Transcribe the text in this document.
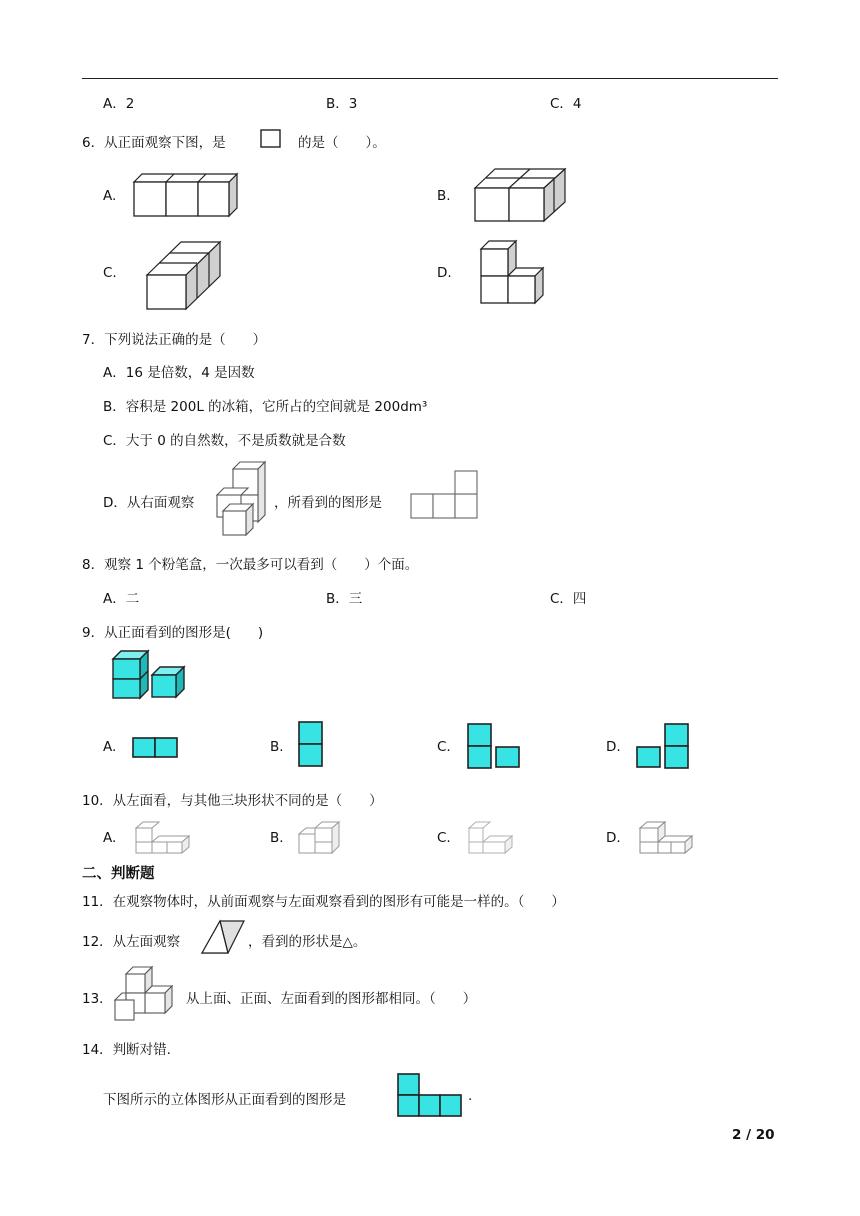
A．2	B．3	C．4
6．从正面观察下图，是	的是（　　）。
A.	B.
C.	D.
7．下列说法正确的是（　　）
A．16 是倍数，4 是因数
B．容积是 200L 的冰箱，它所占的空间就是 200dm³
C．大于 0 的自然数，不是质数就是合数
D．从右面观察	，所看到的图形是
8．观察 1 个粉笔盒，一次最多可以看到（　　）个面。
A．二	B．三	C．四
9．从正面看到的图形是(　　)
A.	B.	C.	D.
10．从左面看，与其他三块形状不同的是（　　）
A.	B.	C.	D.
二、判断题
11．在观察物体时，从前面观察与左面观察看到的图形有可能是一样的。（　　）
12．从左面观察	，看到的形状是△。
13．	从上面、正面、左面看到的图形都相同。（　　）
14．判断对错.
下图所示的立体图形从正面看到的图形是	.
2 / 20
